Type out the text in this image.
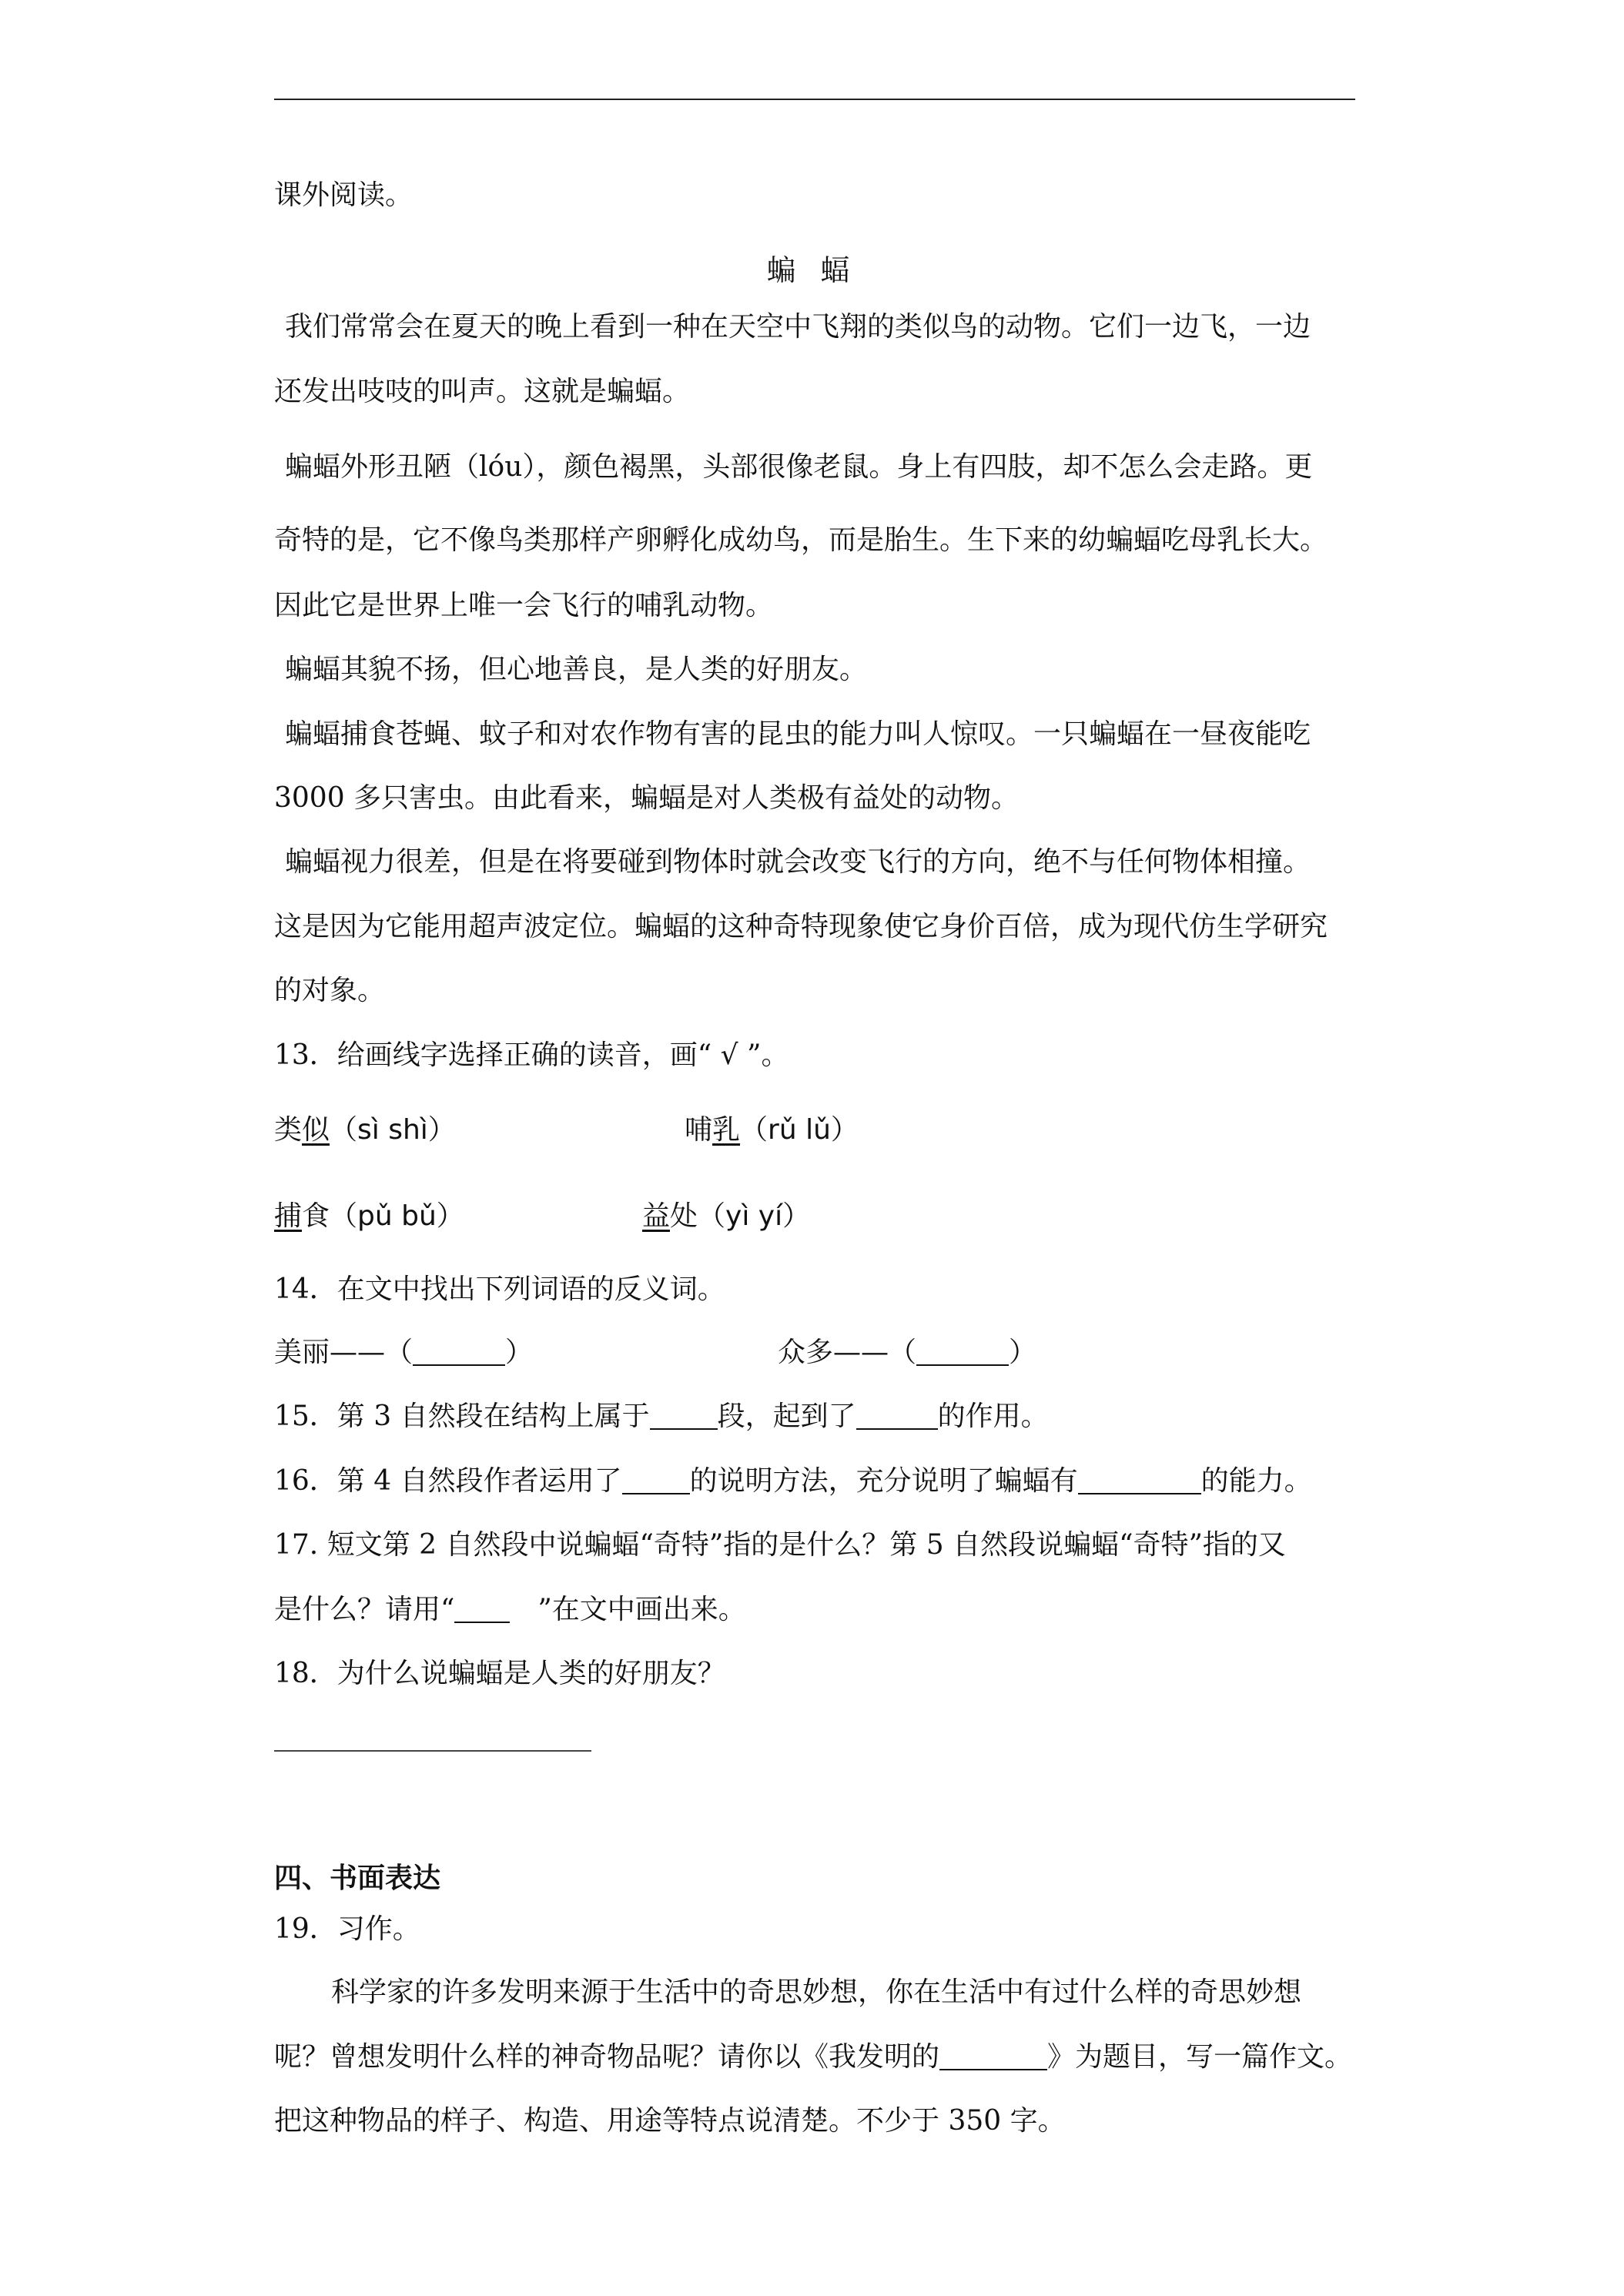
课外阅读。
蝙 蝠
我们常常会在夏天的晚上看到一种在天空中飞翔的类似鸟的动物。它们一边飞，一边
还发出吱吱的叫声。这就是蝙蝠。
蝙蝠外形丑陋（lóu），颜色褐黑，头部很像老鼠。身上有四肢，却不怎么会走路。更
奇特的是，它不像鸟类那样产卵孵化成幼鸟，而是胎生。生下来的幼蝙蝠吃母乳长大。
因此它是世界上唯一会飞行的哺乳动物。
蝙蝠其貌不扬，但心地善良，是人类的好朋友。
蝙蝠捕食苍蝇、蚊子和对农作物有害的昆虫的能力叫人惊叹。一只蝙蝠在一昼夜能吃
3000 多只害虫。由此看来，蝙蝠是对人类极有益处的动物。
蝙蝠视力很差，但是在将要碰到物体时就会改变飞行的方向，绝不与任何物体相撞。
这是因为它能用超声波定位。蝙蝠的这种奇特现象使它身价百倍，成为现代仿生学研究
的对象。
13．给画线字选择正确的读音，画“ √ ”。
类似（sì shì）	哺乳（rǔ lǔ）
捕食（pǔ bǔ）	益处（yì yí）
14．在文中找出下列词语的反义词。
美丽——（	）	众多——（	）
15．第 3 自然段在结构上属于 段，起到了	的作用。
16．第 4 自然段作者运用了 的说明方法，充分说明了蝙蝠有	的能力。
17. 短文第 2 自然段中说蝙蝠“奇特”指的是什么？第 5 自然段说蝙蝠“奇特”指的又
是什么？请用“	”在文中画出来。
18．为什么说蝙蝠是人类的好朋友？
四、书面表达
19．习作。
科学家的许多发明来源于生活中的奇思妙想，你在生活中有过什么样的奇思妙想
呢？曾想发明什么样的神奇物品呢？请你以《我发明的	》为题目，写一篇作文。
把这种物品的样子、构造、用途等特点说清楚。不少于 350 字。
